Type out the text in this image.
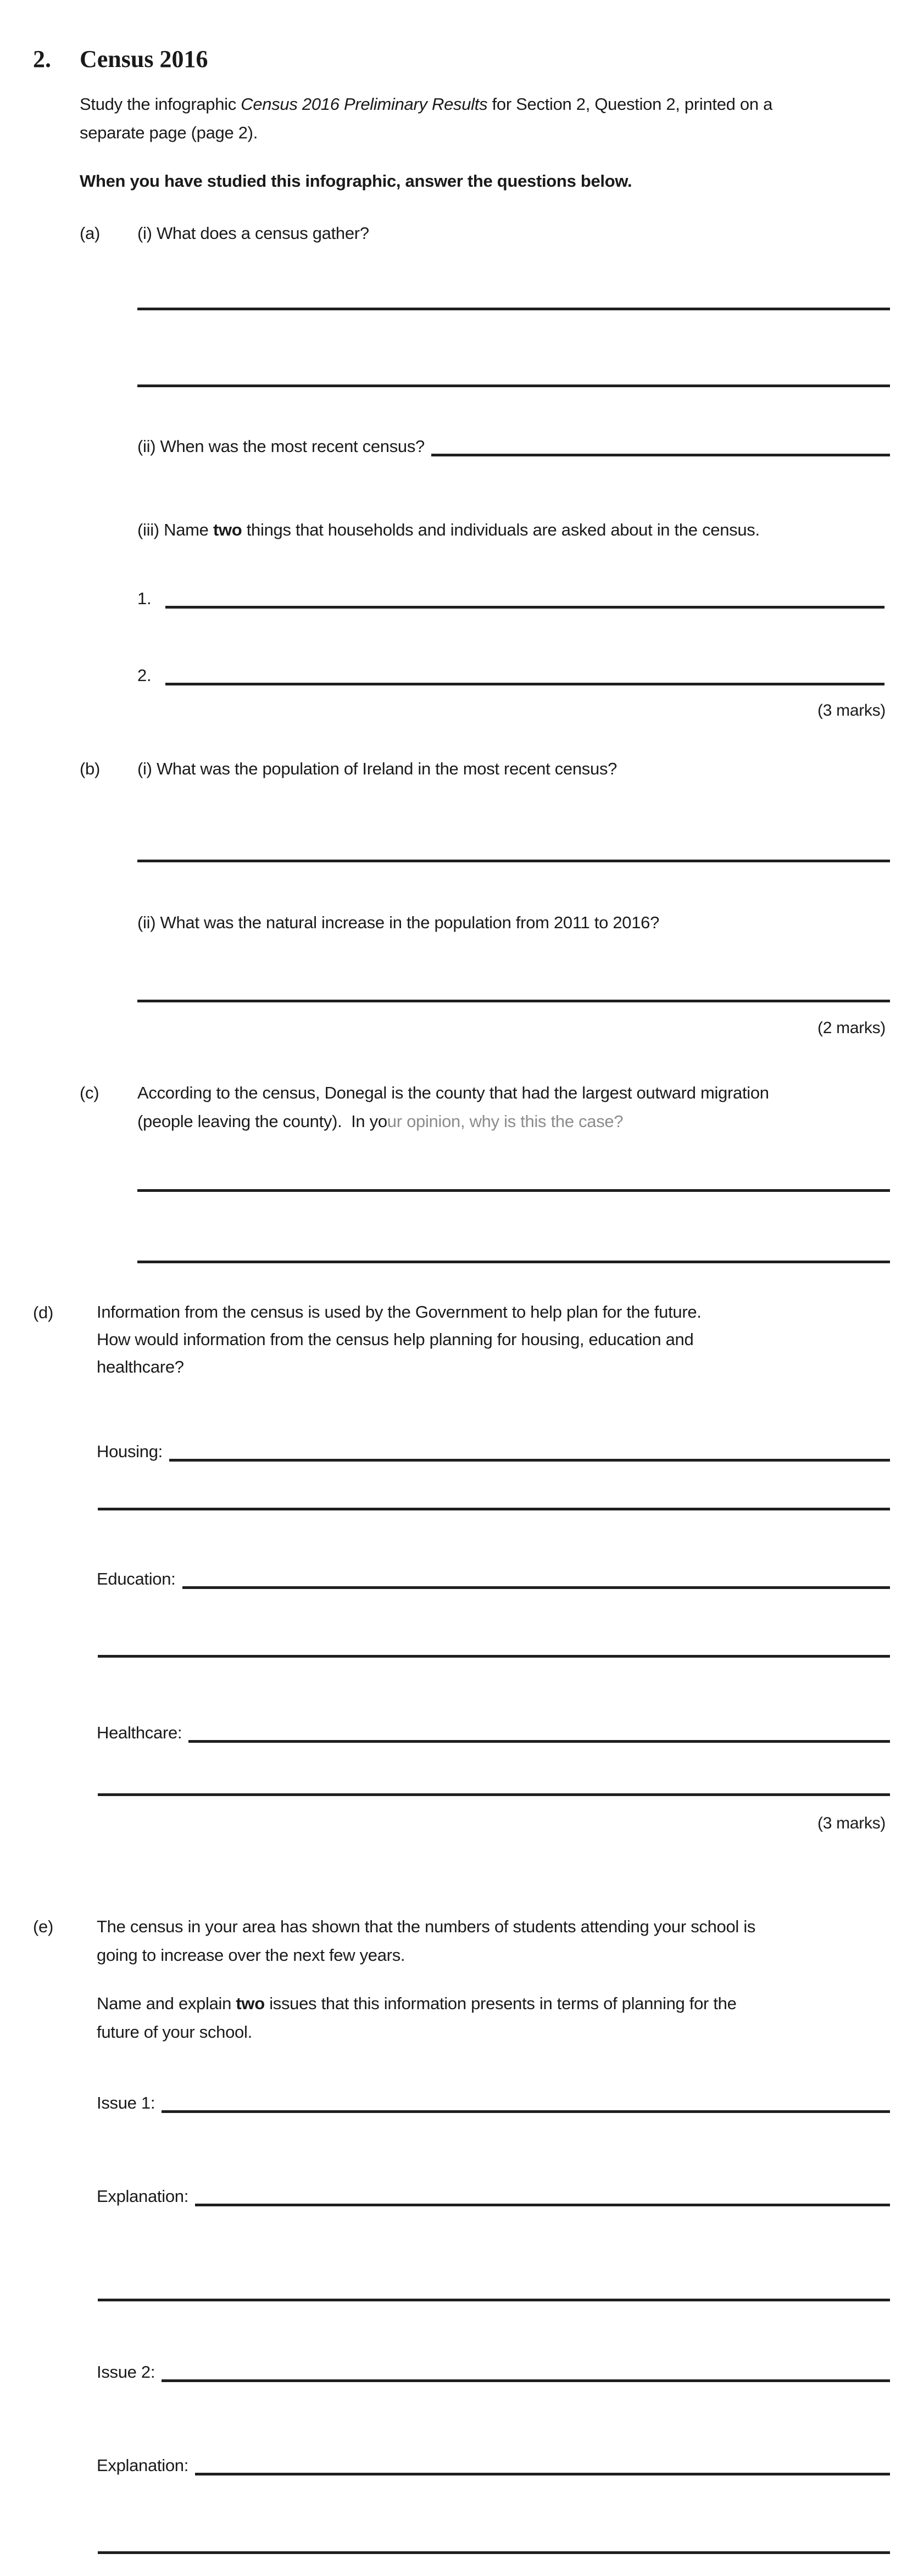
2. Census 2016
Study the infographic Census 2016 Preliminary Results for Section 2, Question 2, printed on a
separate page (page 2).
When you have studied this infographic, answer the questions below.
(a) (i) What does a census gather?
(ii) When was the most recent census?
(iii) Name two things that households and individuals are asked about in the census.
1.
2.
(3 marks)
(b) (i) What was the population of Ireland in the most recent census?
(ii) What was the natural increase in the population from 2011 to 2016?
(2 marks)
(c) According to the census, Donegal is the county that had the largest outward migration
(people leaving the county).  In your opinion, why is this the case?
(d)	Information from the census is used by the Government to help plan for the future.
How would information from the census help planning for housing, education and
healthcare?
Housing:
Education:
Healthcare:
(3 marks)
(e)	The census in your area has shown that the numbers of students attending your school is
going to increase over the next few years.
Name and explain two issues that this information presents in terms of planning for the
future of your school.
Issue 1:
Explanation:
Issue 2:
Explanation:
